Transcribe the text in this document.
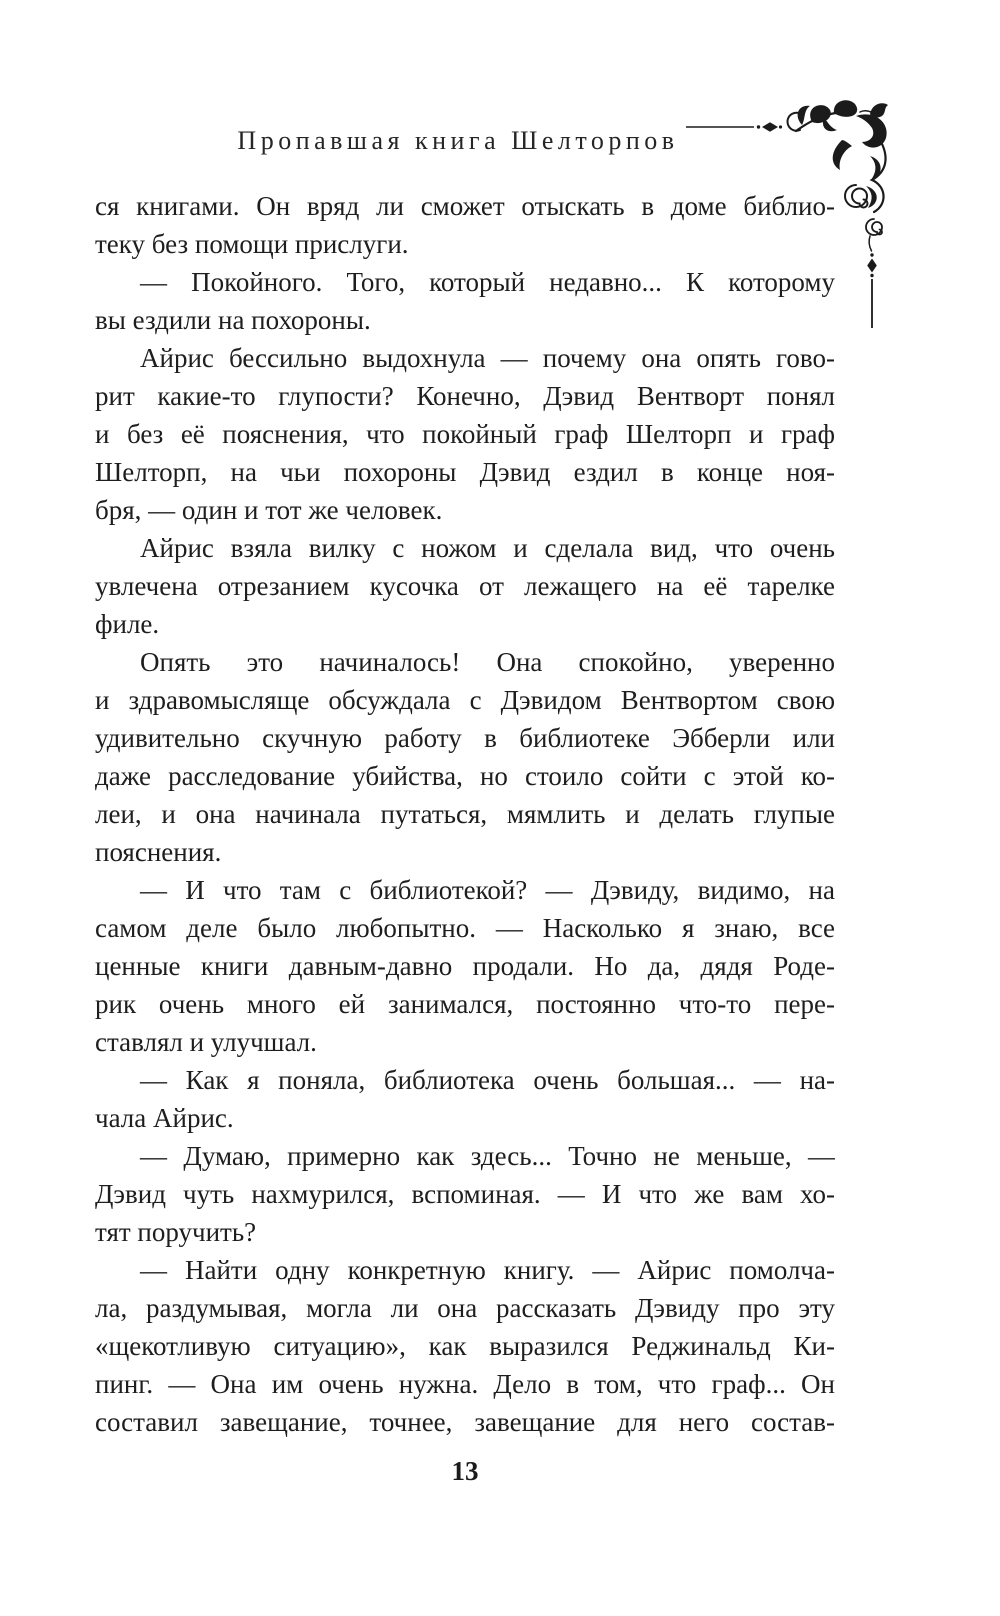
Пропавшая книга Шелторпов
ся книгами. Он вряд ли сможет отыскать в доме библио-
теку без помощи прислуги.
— Покойного. Того, который недавно... К которому
вы ездили на похороны.
Айрис бессильно выдохнула — почему она опять гово-
рит какие-то глупости? Конечно, Дэвид Вентворт понял
и без её пояснения, что покойный граф Шелторп и граф
Шелторп, на чьи похороны Дэвид ездил в конце ноя-
бря, — один и тот же человек.
Айрис взяла вилку с ножом и сделала вид, что очень
увлечена отрезанием кусочка от лежащего на её тарелке
филе.
Опять это начиналось! Она спокойно, уверенно
и здравомысляще обсуждала с Дэвидом Вентвортом свою
удивительно скучную работу в библиотеке Эбберли или
даже расследование убийства, но стоило сойти с этой ко-
леи, и она начинала путаться, мямлить и делать глупые
пояснения.
— И что там с библиотекой? — Дэвиду, видимо, на
самом деле было любопытно. — Насколько я знаю, все
ценные книги давным-давно продали. Но да, дядя Роде-
рик очень много ей занимался, постоянно что-то пере-
ставлял и улучшал.
— Как я поняла, библиотека очень большая... — на-
чала Айрис.
— Думаю, примерно как здесь... Точно не меньше, —
Дэвид чуть нахмурился, вспоминая. — И что же вам хо-
тят поручить?
— Найти одну конкретную книгу. — Айрис помолча-
ла, раздумывая, могла ли она рассказать Дэвиду про эту
«щекотливую ситуацию», как выразился Реджинальд Ки-
пинг. — Она им очень нужна. Дело в том, что граф... Он
составил завещание, точнее, завещание для него состав-
13
